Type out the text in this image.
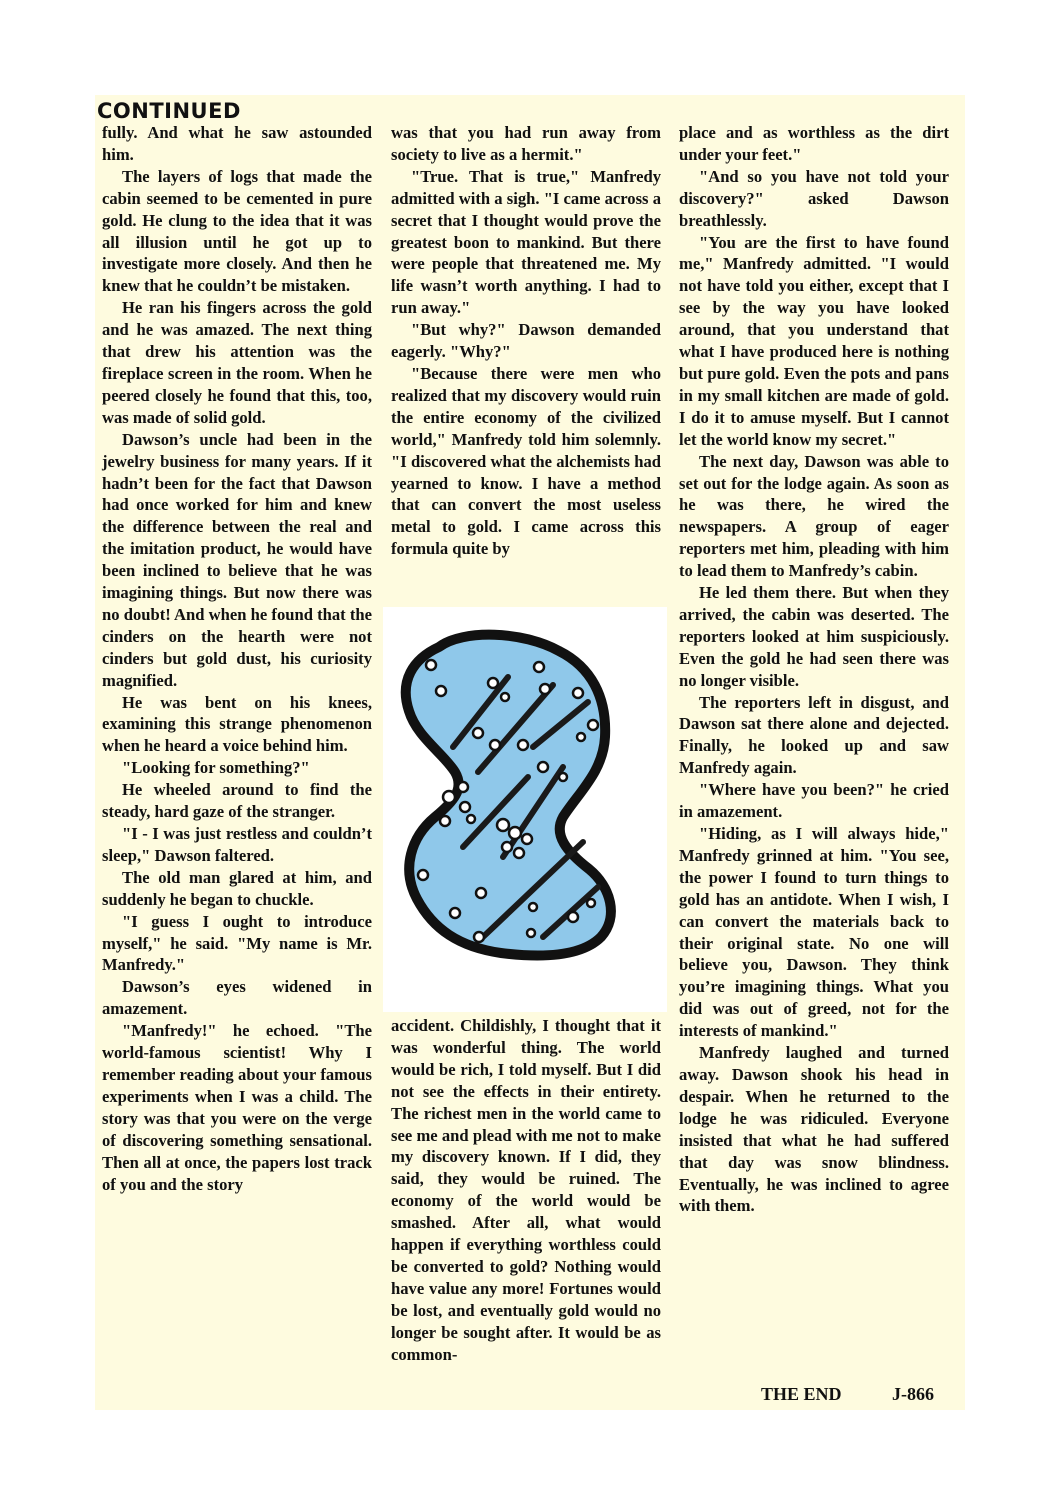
CONTINUED

fully. And what he saw astounded him.

The layers of logs that made the cabin seemed to be cemented in pure gold. He clung to the idea that it was all illusion until he got up to investigate more closely. And then he knew that he couldn’t be mistaken.

He ran his fingers across the gold and he was amazed. The next thing that drew his attention was the fireplace screen in the room. When he peered closely he found that this, too, was made of solid gold.

Dawson’s uncle had been in the jewelry business for many years. If it hadn’t been for the fact that Dawson had once worked for him and knew the difference between the real and the imitation product, he would have been inclined to believe that he was imagining things. But now there was no doubt! And when he found that the cinders on the hearth were not cinders but gold dust, his curiosity magnified.

He was bent on his knees, examining this strange phenomenon when he heard a voice behind him.

"Looking for something?"

He wheeled around to find the steady, hard gaze of the stranger.

"I - I was just restless and couldn’t sleep," Dawson faltered.

The old man glared at him, and suddenly he began to chuckle.

"I guess I ought to introduce myself," he said. "My name is Mr. Manfredy."

Dawson’s eyes widened in amazement.

"Manfredy!" he echoed. "The world-famous scientist! Why I remember reading about your famous experiments when I was a child. The story was that you were on the verge of discovering something sensational. Then all at once, the papers lost track of you and the story

was that you had run away from society to live as a hermit."

"True. That is true," Manfredy admitted with a sigh. "I came across a secret that I thought would prove the greatest boon to mankind. But there were people that threatened me. My life wasn’t worth anything. I had to run away."

"But why?" Dawson demanded eagerly. "Why?"

"Because there were men who realized that my discovery would ruin the entire economy of the civilized world," Manfredy told him solemnly. "I discovered what the alchemists had yearned to know. I have a method that can convert the most useless metal to gold. I came across this formula quite by

accident. Childishly, I thought that it was wonderful thing. The world would be rich, I told myself. But I did not see the effects in their entirety. The richest men in the world came to see me and plead with me not to make my discovery known. If I did, they said, they would be ruined. The economy of the world would be smashed. After all, what would happen if everything worthless could be converted to gold? Nothing would have value any more! Fortunes would be lost, and eventually gold would no longer be sought after. It would be as common-

place and as worthless as the dirt under your feet."

"And so you have not told your discovery?" asked Dawson breathlessly.

"You are the first to have found me," Manfredy admitted. "I would not have told you either, except that I see by the way you have looked around, that you understand that what I have produced here is nothing but pure gold. Even the pots and pans in my small kitchen are made of gold. I do it to amuse myself. But I cannot let the world know my secret."

The next day, Dawson was able to set out for the lodge again. As soon as he was there, he wired the newspapers. A group of eager reporters met him, pleading with him to lead them to Manfredy’s cabin.

He led them there. But when they arrived, the cabin was deserted. The reporters looked at him suspiciously. Even the gold he had seen there was no longer visible.

The reporters left in disgust, and Dawson sat there alone and dejected. Finally, he looked up and saw Manfredy again.

"Where have you been?" he cried in amazement.

"Hiding, as I will always hide," Manfredy grinned at him. "You see, the power I found to turn things to gold has an antidote. When I wish, I can convert the materials back to their original state. No one will believe you, Dawson. They think you’re imagining things. What you did was out of greed, not for the interests of mankind."

Manfredy laughed and turned away. Dawson shook his head in despair. When he returned to the lodge he was ridiculed. Everyone insisted that what he had suffered that day was snow blindness. Eventually, he was inclined to agree with them.

THE END	J-866
